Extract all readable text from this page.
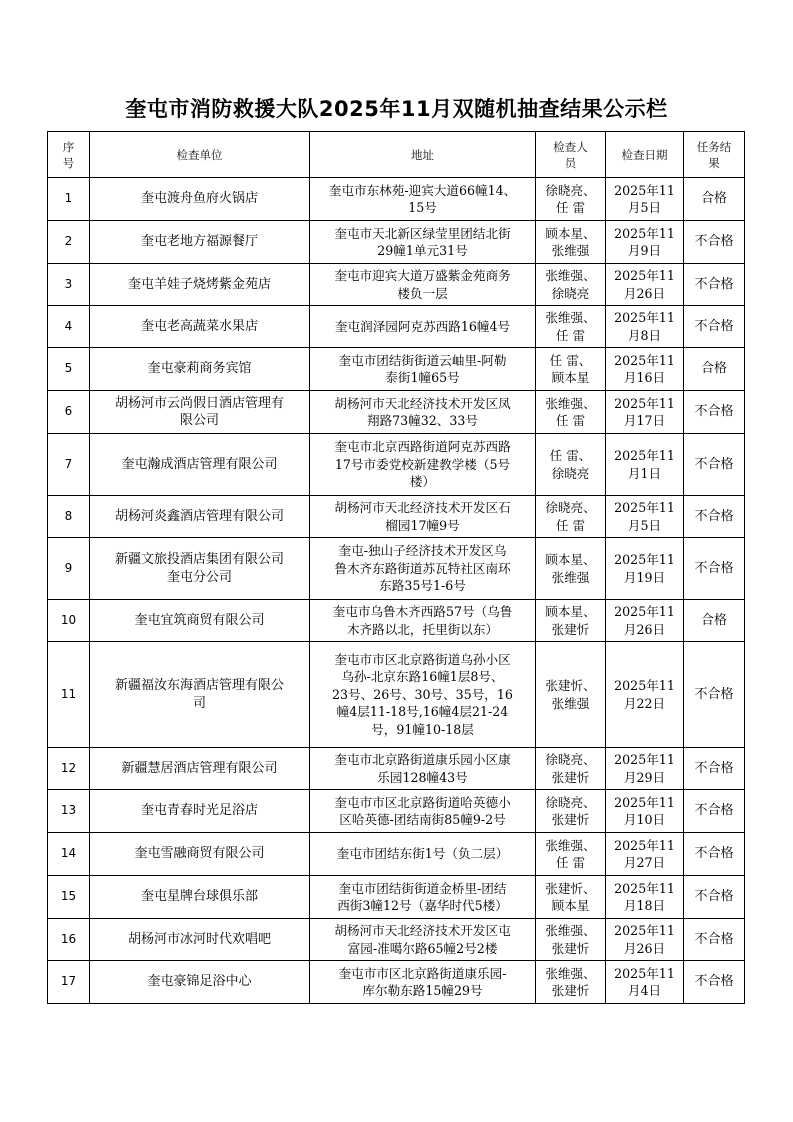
奎屯市消防救援大队2025年11月双随机抽查结果公示栏
序
号	检查单位	地址	检查人
员	检查日期	任务结
果

1	奎屯渡舟鱼府火锅店	奎屯市东林苑-迎宾大道66幢14、
15号	徐晓亮、
任 雷	2025年11
月5日	合格

2	奎屯老地方福源餐厅	奎屯市天北新区绿莹里团结北街
29幢1单元31号	顾本星、
张维强	2025年11
月9日	不合格

3	奎屯羊娃子烧烤紫金苑店	奎屯市迎宾大道万盛紫金苑商务
楼负一层	张维强、
徐晓亮	2025年11
月26日	不合格

4	奎屯老高蔬菜水果店	奎屯润泽园阿克苏西路16幢4号	张维强、
任 雷	2025年11
月8日	不合格

5	奎屯豪莉商务宾馆	奎屯市团结街街道云岫里-阿勒
泰街1幢65号	任 雷、
顾本星	2025年11
月16日	合格

6	胡杨河市云尚假日酒店管理有
限公司	胡杨河市天北经济技术开发区凤
翔路73幢32、33号	张维强、
任 雷	2025年11
月17日	不合格

7	奎屯瀚成酒店管理有限公司	奎屯市北京西路街道阿克苏西路
17号市委党校新建教学楼（5号
楼）	任 雷、
徐晓亮	2025年11
月1日	不合格

8	胡杨河炎鑫酒店管理有限公司	胡杨河市天北经济技术开发区石
榴园17幢9号	徐晓亮、
任 雷	2025年11
月5日	不合格

9	新疆文旅投酒店集团有限公司
奎屯分公司	奎屯-独山子经济技术开发区乌
鲁木齐东路街道苏瓦特社区南环
东路35号1-6号	顾本星、
张维强	2025年11
月19日	不合格

10	奎屯宜筑商贸有限公司	奎屯市乌鲁木齐西路57号（乌鲁
木齐路以北，托里街以东）	顾本星、
张建忻	2025年11
月26日	合格

11	新疆福汝东海酒店管理有限公
司	奎屯市市区北京路街道乌孙小区
乌孙-北京东路16幢1层8号、
23号、26号、30号、35号，16
幢4层11-18号,16幢4层21-24
号，91幢10-18层	张建忻、
张维强	2025年11
月22日	不合格

12	新疆慧居酒店管理有限公司	奎屯市北京路街道康乐园小区康
乐园128幢43号	徐晓亮、
张建忻	2025年11
月29日	不合格

13	奎屯青春时光足浴店	奎屯市市区北京路街道哈英德小
区哈英德-团结南街85幢9-2号	徐晓亮、
张建忻	2025年11
月10日	不合格

14	奎屯雪融商贸有限公司	奎屯市团结东街1号（负二层）	张维强、
任 雷	2025年11
月27日	不合格

15	奎屯星牌台球俱乐部	奎屯市团结街街道金桥里-团结
西街3幢12号（嘉华时代5楼）	张建忻、
顾本星	2025年11
月18日	不合格

16	胡杨河市冰河时代欢唱吧	胡杨河市天北经济技术开发区屯
富园-准噶尔路65幢2号2楼	张维强、
张建忻	2025年11
月26日	不合格

17	奎屯豪锦足浴中心	奎屯市市区北京路街道康乐园-
库尔勒东路15幢29号	张维强、
张建忻	2025年11
月4日	不合格
